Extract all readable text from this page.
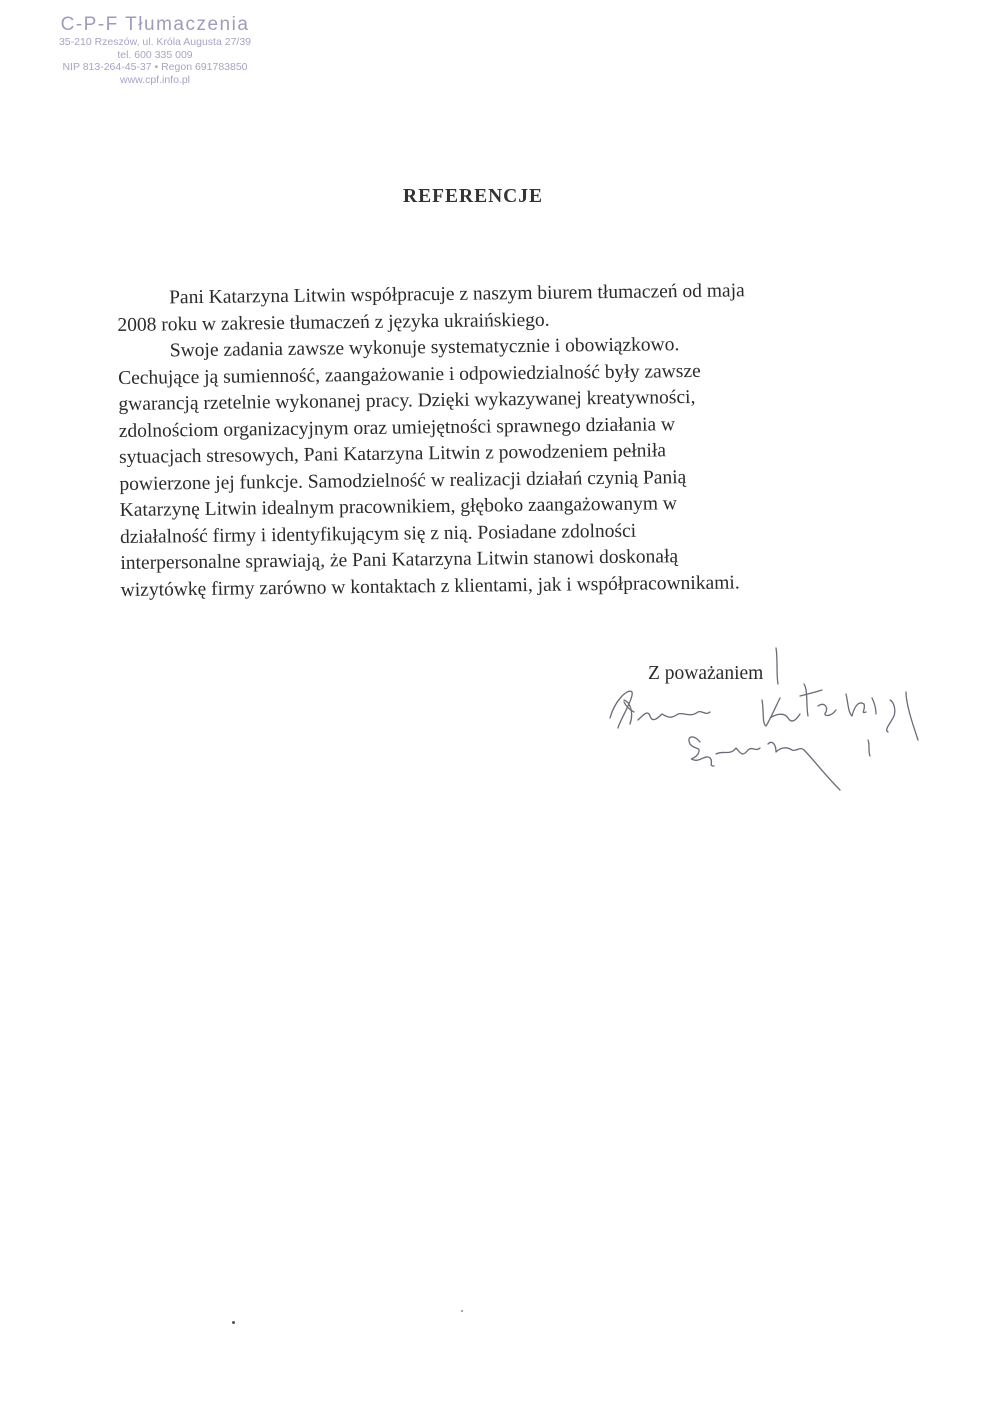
C-P-F Tłumaczenia
35-210 Rzeszów, ul. Króla Augusta 27/39
tel. 600 335 009
NIP 813-264-45-37 • Regon 691783850
www.cpf.info.pl
REFERENCJE

Pani Katarzyna Litwin współpracuje z naszym biurem tłumaczeń od maja
2008 roku w zakresie tłumaczeń z języka ukraińskiego.

Swoje zadania zawsze wykonuje systematycznie i obowiązkowo.
Cechujące ją sumienność, zaangażowanie i odpowiedzialność były zawsze
gwarancją rzetelnie wykonanej pracy. Dzięki wykazywanej kreatywności,
zdolnościom organizacyjnym oraz umiejętności sprawnego działania w
sytuacjach stresowych, Pani Katarzyna Litwin z powodzeniem pełniła
powierzone jej funkcje. Samodzielność w realizacji działań czynią Panią
Katarzynę Litwin idealnym pracownikiem, głęboko zaangażowanym w
działalność firmy i identyfikującym się z nią. Posiadane zdolności
interpersonalne sprawiają, że Pani Katarzyna Litwin stanowi doskonałą
wizytówkę firmy zarówno w kontaktach z klientami, jak i współpracownikami.

Z poważaniem
